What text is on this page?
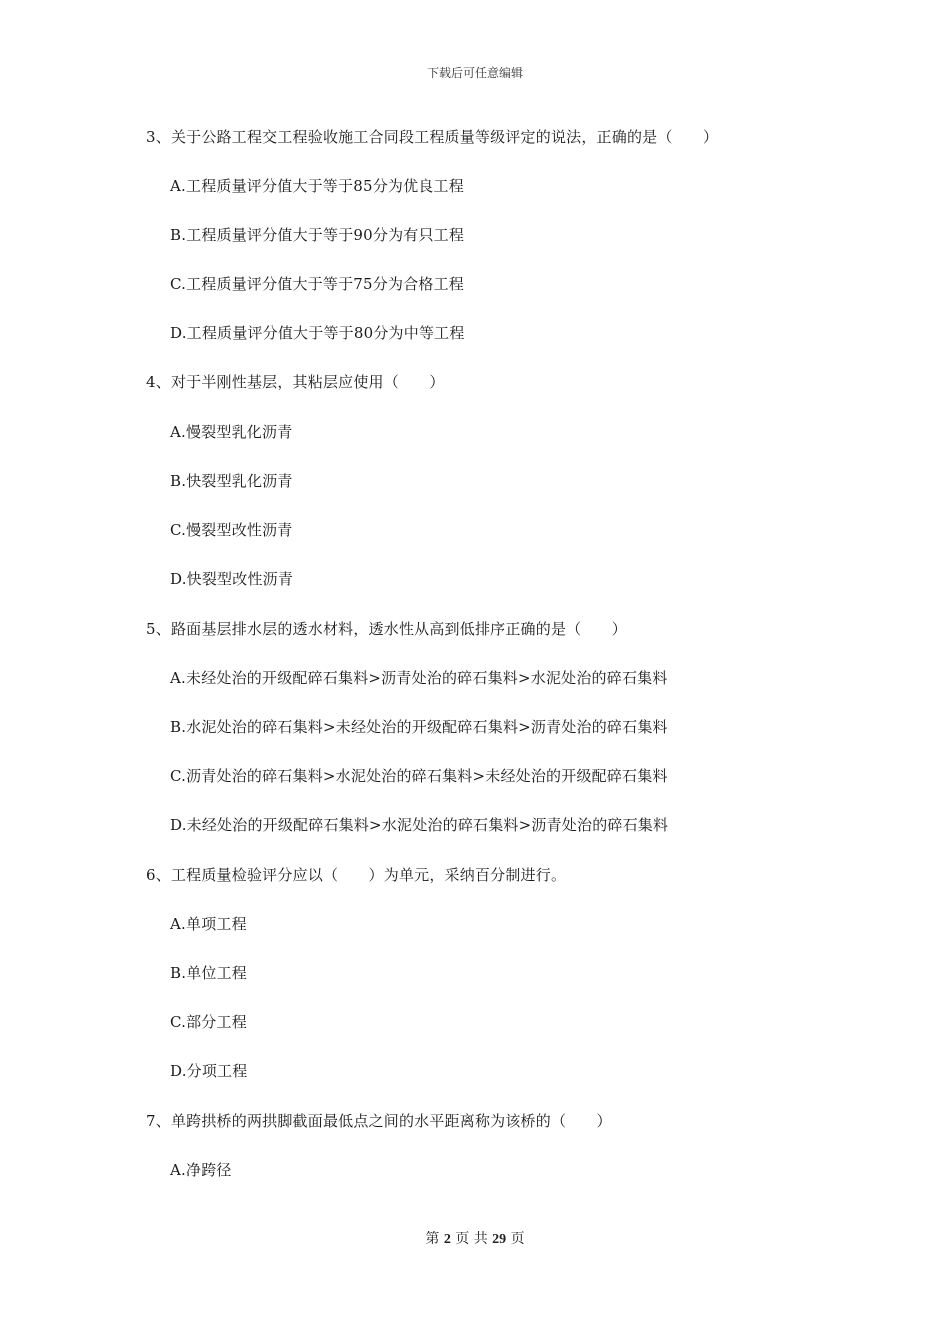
下载后可任意编辑
3、关于公路工程交工程验收施工合同段工程质量等级评定的说法，正确的是（　　）
A.工程质量评分值大于等于85分为优良工程
B.工程质量评分值大于等于90分为有只工程
C.工程质量评分值大于等于75分为合格工程
D.工程质量评分值大于等于80分为中等工程
4、对于半刚性基层，其粘层应使用（　　）
A.慢裂型乳化沥青
B.快裂型乳化沥青
C.慢裂型改性沥青
D.快裂型改性沥青
5、路面基层排水层的透水材料，透水性从高到低排序正确的是（　　）
A.未经处治的开级配碎石集料>沥青处治的碎石集料>水泥处治的碎石集料
B.水泥处治的碎石集料>未经处治的开级配碎石集料>沥青处治的碎石集料
C.沥青处治的碎石集料>水泥处治的碎石集料>未经处治的开级配碎石集料
D.未经处治的开级配碎石集料>水泥处治的碎石集料>沥青处治的碎石集料
6、工程质量检验评分应以（　　）为单元，采纳百分制进行。
A.单项工程
B.单位工程
C.部分工程
D.分项工程
7、单跨拱桥的两拱脚截面最低点之间的水平距离称为该桥的（　　）
A.净跨径
第 2 页 共 29 页
